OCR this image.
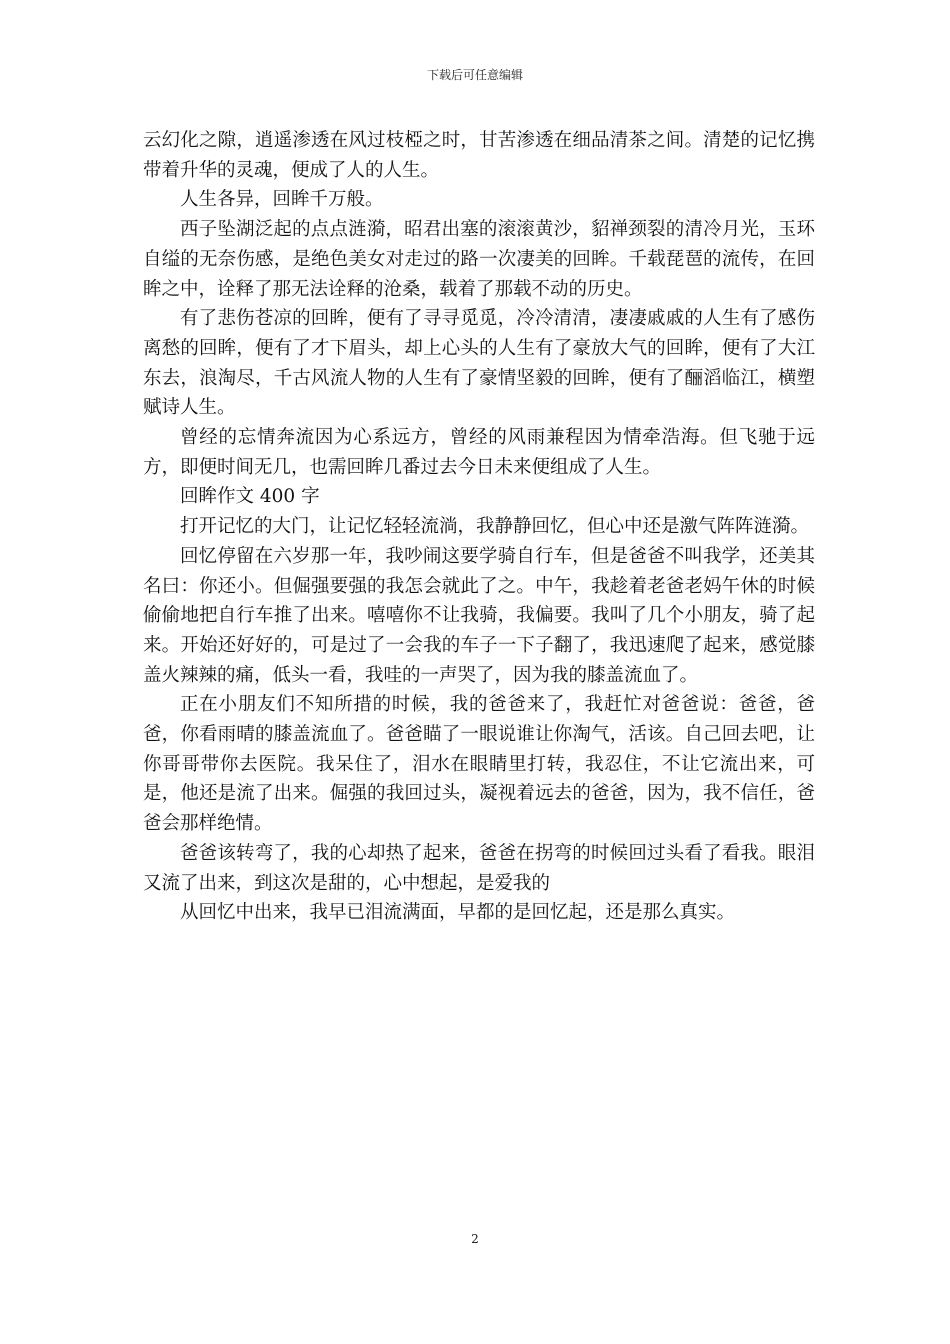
下载后可任意编辑

云幻化之隙，逍遥渗透在风过枝椏之时，甘苦渗透在细品清茶之间。清楚的记忆携带着升华的灵魂，便成了人的人生。

人生各异，回眸千万般。

西子坠湖泛起的点点涟漪，昭君出塞的滚滚黄沙，貂禅颈裂的清冷月光，玉环自缢的无奈伤感，是绝色美女对走过的路一次凄美的回眸。千载琵琶的流传，在回眸之中，诠释了那无法诠释的沧桑，载着了那载不动的历史。

有了悲伤苍凉的回眸，便有了寻寻觅觅，冷冷清清，凄凄戚戚的人生有了感伤离愁的回眸，便有了才下眉头，却上心头的人生有了豪放大气的回眸，便有了大江东去，浪淘尽，千古风流人物的人生有了豪情坚毅的回眸，便有了酾滔临江，横塑赋诗人生。

曾经的忘情奔流因为心系远方，曾经的风雨兼程因为情牵浩海。但飞驰于远方，即便时间无几，也需回眸几番过去今日未来便组成了人生。

回眸作文 400 字

打开记忆的大门，让记忆轻轻流淌，我静静回忆，但心中还是激气阵阵涟漪。

回忆停留在六岁那一年，我吵闹这要学骑自行车，但是爸爸不叫我学，还美其名曰：你还小。但倔强要强的我怎会就此了之。中午，我趁着老爸老妈午休的时候偷偷地把自行车推了出来。嘻嘻你不让我骑，我偏要。我叫了几个小朋友，骑了起来。开始还好好的，可是过了一会我的车子一下子翻了，我迅速爬了起来，感觉膝盖火辣辣的痛，低头一看，我哇的一声哭了，因为我的膝盖流血了。

正在小朋友们不知所措的时候，我的爸爸来了，我赶忙对爸爸说：爸爸，爸爸，你看雨晴的膝盖流血了。爸爸瞄了一眼说谁让你淘气，活该。自己回去吧，让你哥哥带你去医院。我呆住了，泪水在眼睛里打转，我忍住，不让它流出来，可是，他还是流了出来。倔强的我回过头，凝视着远去的爸爸，因为，我不信任，爸爸会那样绝情。

爸爸该转弯了，我的心却热了起来，爸爸在拐弯的时候回过头看了看我。眼泪又流了出来，到这次是甜的，心中想起，是爱我的

从回忆中出来，我早已泪流满面，早都的是回忆起，还是那么真实。

2
